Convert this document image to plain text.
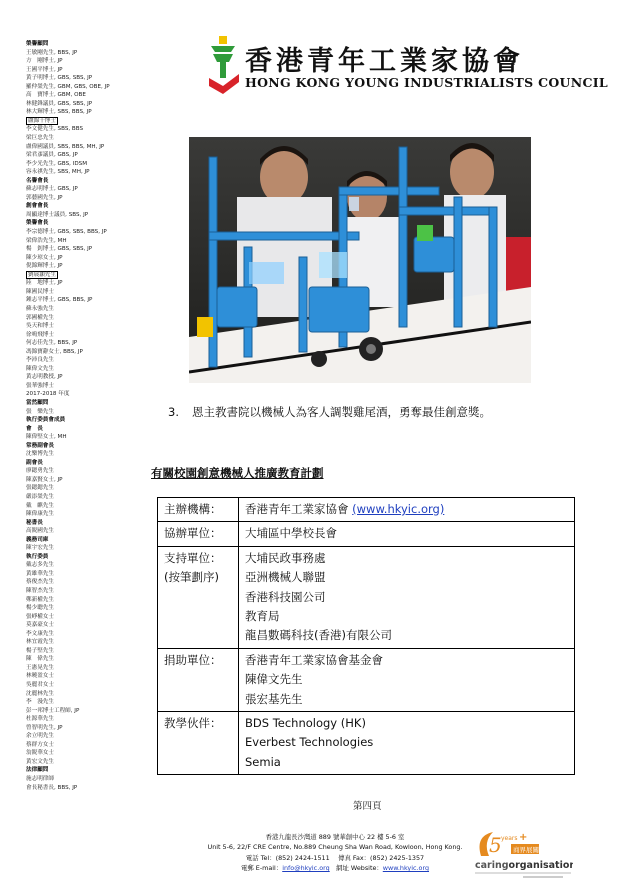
榮譽顧問
王敏剛先生, BBS, JP
方　剛博士, JP
王國平博士, JP
黃子明博士, GBS, SBS, JP
羅仲榮先生, GBM, GBS, OBE, JP
高　寶博士, GBM, OBE
林健鋒議員, GBS, SBS, JP
林大輝博士, SBS, BBS, JP
盧錦千博士
李文健先生, SBS, BBS
梁巨忠先生
盧偉國議員, SBS, BBS, MH, JP
梁君彥議員, GBS, JP
李少光先生, GBS, IDSM
容永祺先生, SBS, MH, JP
名譽會長
蘇志明博士, GBS, JP
郭藝國先生, JP
創會會長
周顯達博士議員, SBS, JP
榮譽會長
李宗德博士, GBS, SBS, BBS, JP
梁偉浩先生, MH
楊　釗博士, GBS, SBS, JP
陳少琼女士, JP
倪錦輝博士, JP
劉展灝先生
陸　地博士, JP
陳國民博士
鍾志平博士, GBS, BBS, JP
蘇永強先生
郭國權先生
吳天和博士
徐鳴飛博士
何志佳先生, BBS, JP
馮錦寶辭女士, BBS, JP
李沛良先生
陳偉文先生
黃志明教授, JP
張華強博士
2017-2018 年度
當然顧問
張　樂先生
執行委員會成員
會　長
陳偉堅女士, MH
常務副會長
沈樂博先生
副會長
廖鍶勇先生
陳嘉賢女士, JP
張鍶鍶先生
嚴添榮先生
戴　麒先生
陳偉康先生
秘書長
高鋭國先生
義務司庫
陳宇宏先生
執行委員
戴志多先生
黃雄華先生
蔡俊杰先生
陳智杰先生
鄭新權先生
楊少聰先生
張崢權女士
莫嘉豪女士
李文康先生
林宜霞先生
楊子堅先生
陳　偉先生
王憲晃先生
林曉盈女士
吳麗君女士
沈麗林先生
李　漫先生
彭一邦博士工程師, JP
杜源華先生
曾智明先生, JP
余立明先生
蔡群方女士
翁鋭華女士
黃宏文先生
法律顧問
施志明律師
會長秘書長, BBS, JP
香港青年工業家協會
HONG KONG YOUNG INDUSTRIALISTS COUNCIL
3. 恩主教書院以機械人為客人調製雞尾酒，勇奪最佳創意獎。
有關校園創意機械人推廣教育計劃
主辦機構：	香港青年工業家協會 (www.hkyic.org)

協辦單位：	大埔區中學校長會

支持單位：
(按筆劃序)	大埔民政事務處
亞洲機械人聯盟
香港科技園公司
教育局
龍昌數碼科技(香港)有限公司

捐助單位：	香港青年工業家協會基金會
陳偉文先生
張宏基先生

教學伙伴：	BDS Technology (HK)
Everbest Technologies
Semia
第四頁
香港九龍長沙灣道 889 號華創中心 22 樓 5-6 室
Unit 5-6, 22/F CRE Centre, No.889 Cheung Sha Wan Road, Kowloon, Hong Kong.
電話 Tel：(852) 2424-1511　 傳真 Fax：(852) 2425-1357
電郵 E-mail：info@hkyic.org　網址 Website：www.hkyic.org
5 years +
商界展關懷
caringorganisation
